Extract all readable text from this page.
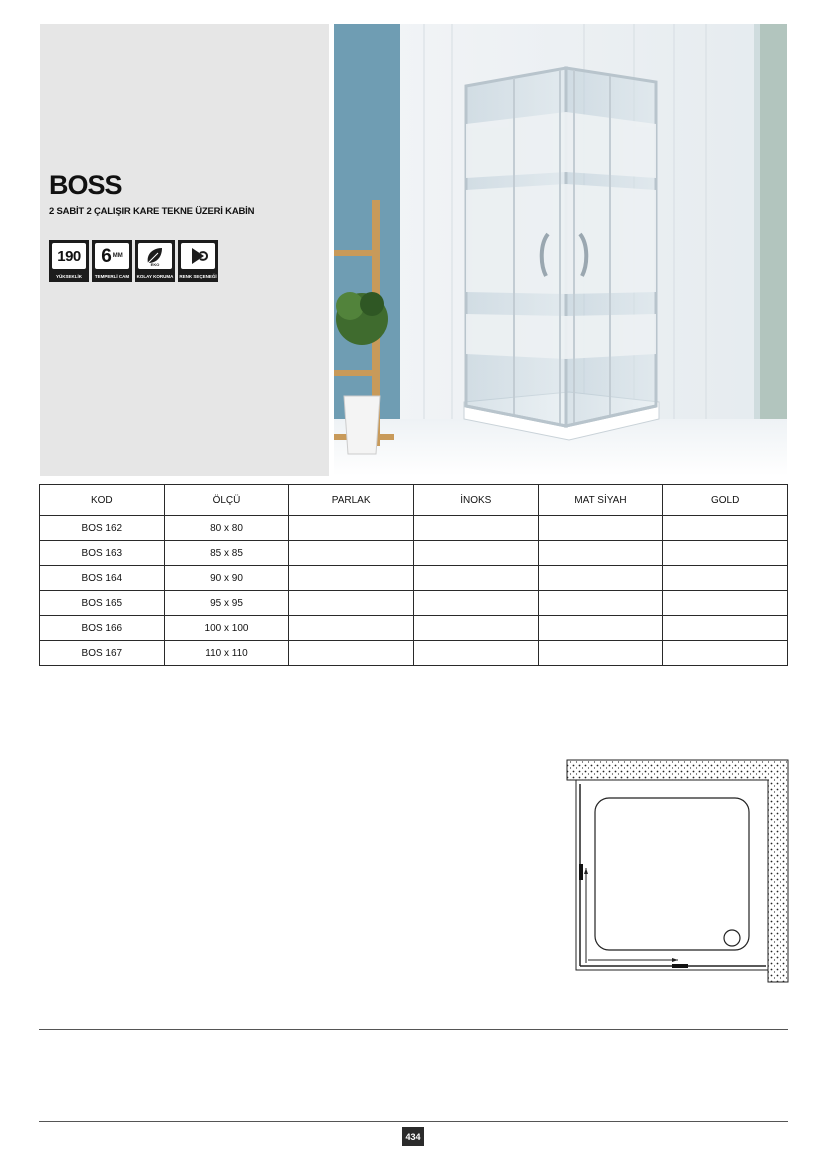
BOSS
2 SABİT 2 ÇALIŞIR KARE TEKNE ÜZERİ KABİN
190
YÜKSEKLİK
6 MM
TEMPERLİ CAM
EKO
KOLAY KORUMA RENK SEÇENEĞİ
KOD	ÖLÇÜ	PARLAK	İNOKS	MAT SİYAH	GOLD
BOS 162	80 x 80				
BOS 163	85 x 85				
BOS 164	90 x 90				
BOS 165	95 x 95				
BOS 166	100 x 100				
BOS 167	110 x 110				
434
